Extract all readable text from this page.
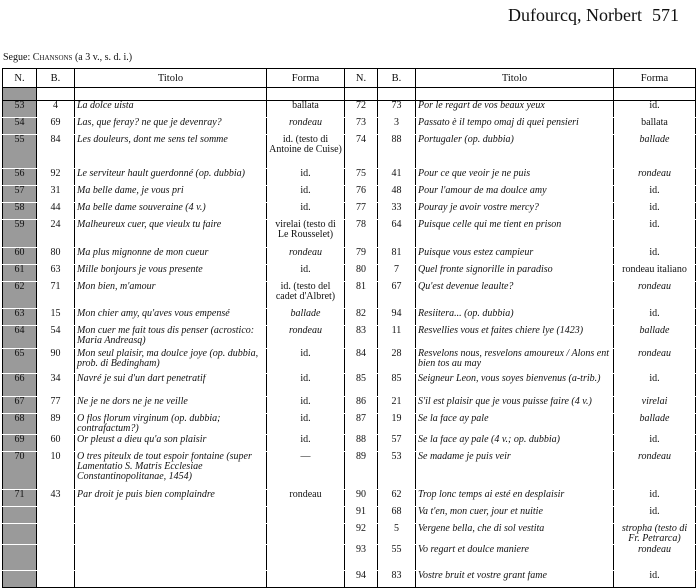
Dufourcq, Norbert 571
Segue: Chansons (a 3 v., s. d. i.)
N.	B.	Titolo	Forma	N.	B.	Titolo	Forma

53	4	La dolce uista	ballata	72	73	Por le regart de vos beaux yeux	id.
54	69	Las, que feray? ne que je devenray?	rondeau	73	3	Passato è il tempo omaj di quei pensieri	ballata
55	84	Les douleurs, dont me sens tel somme	id. (testo di Antoine de Cuise)	74	88	Portugaler (op. dubbia)	ballade
56	92	Le serviteur hault guerdonné (op. dubbia)	id.	75	41	Pour ce que veoir je ne puis	rondeau
57	31	Ma belle dame, je vous pri	id.	76	48	Pour l'amour de ma doulce amy	id.
58	44	Ma belle dame souveraine (4 v.)	id.	77	33	Pouray je avoir vostre mercy?	id.
59	24	Malheureux cuer, que vieulx tu faire	virelai (testo di Le Rousselet)	78	64	Puisque celle qui me tient en prison	id.
60	80	Ma plus mignonne de mon cueur	rondeau	79	81	Puisque vous estez campieur	id.
61	63	Mille bonjours je vous presente	id.	80	7	Quel fronte signorille in paradiso	rondeau italiano
62	71	Mon bien, m'amour	id. (testo del cadet d'Albret)	81	67	Qu'est devenue leaulte?	rondeau
63	15	Mon chier amy, qu'aves vous empensé	ballade	82	94	Resiitera... (op. dubbia)	id.
64	54	Mon cuer me fait tous dis penser (acrostico: Maria Andreasq)	rondeau	83	11	Resvellies vous et faites chiere lye (1423)	ballade
65	90	Mon seul plaisir, ma doulce joye (op. dubbia, prob. di Bedingham)	id.	84	28	Resvelons nous, resvelons amoureux / Alons ent bien tos au may	rondeau
66	34	Navré je sui d'un dart penetratif	id.	85	85	Seigneur Leon, vous soyes bienvenus (a-trib.)	id.
67	77	Ne je ne dors ne je ne veille	id.	86	21	S'il est plaisir que je vous puisse faire (4 v.)	virelai
68	89	O flos florum virginum (op. dubbia; contrafactum?)	id.	87	19	Se la face ay pale	ballade
69	60	Or pleust a dieu qu'a son plaisir	id.	88	57	Se la face ay pale (4 v.; op. dubbia)	id.
70	10	O tres piteulx de tout espoir fontaine (super Lamentatio S. Matris Ecclesiae Constantinopolitanae, 1454)	—	89	53	Se madame je puis veir	rondeau
71	43	Par droit je puis bien complaindre	rondeau	90	62	Trop lonc temps ai esté en desplaisir	id.
				91	68	Va t'en, mon cuer, jour et nuitie	id.
				92	5	Vergene bella, che di sol vestita	stropha (testo di Fr. Petrarca)
				93	55	Vo regart et doulce maniere	rondeau
				94	83	Vostre bruit et vostre grant fame	id.
